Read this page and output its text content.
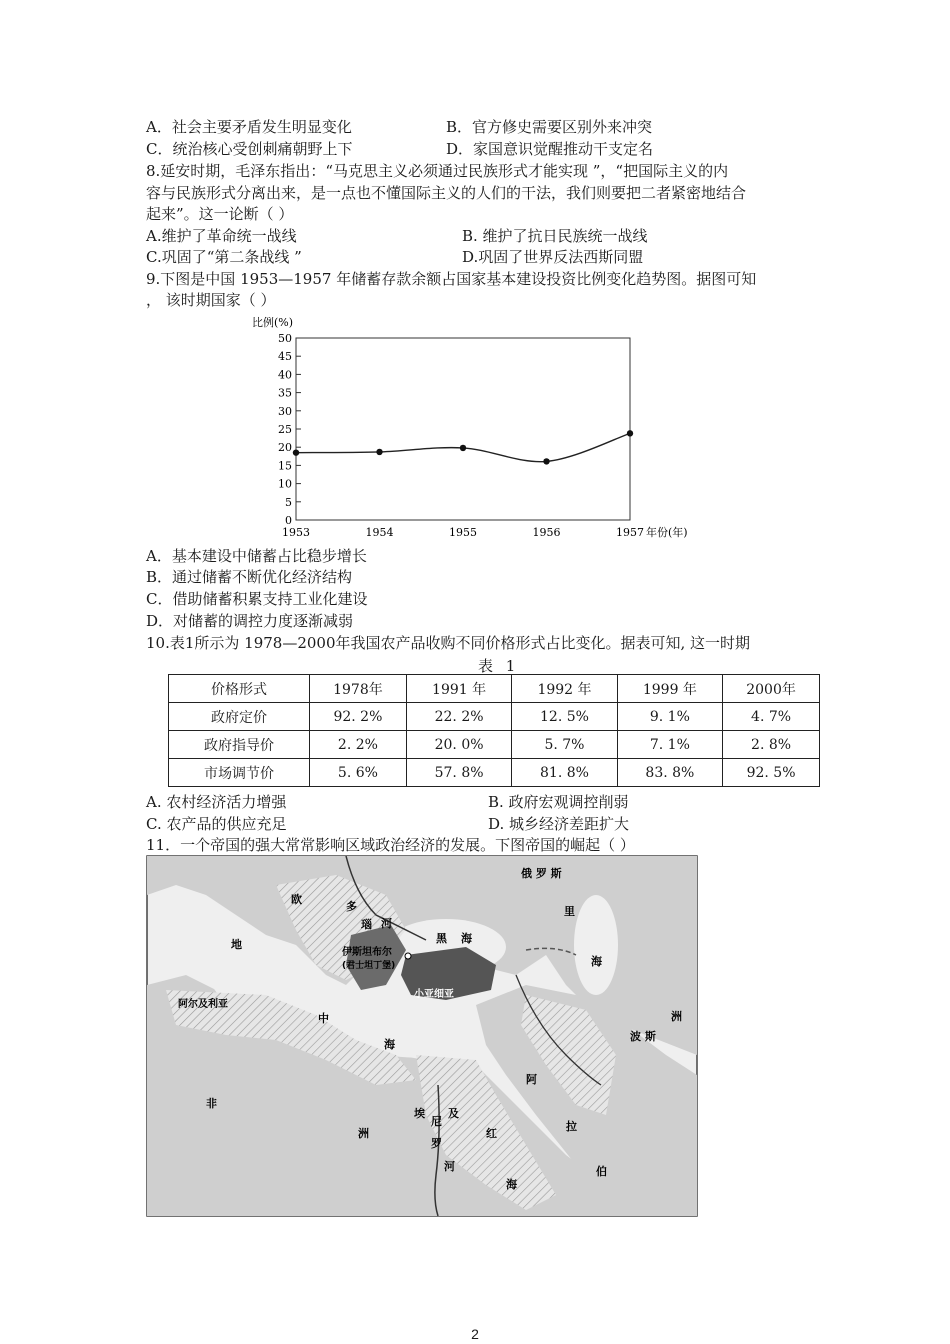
A．社会主要矛盾发生明显变化	B．官方修史需要区别外来冲突
C．统治核心受创刺痛朝野上下	D．家国意识觉醒推动干支定名
8.延安时期，毛泽东指出：“马克思主义必须通过民族形式才能实现 ”，“把国际主义的内
容与民族形式分离出来，是一点也不懂国际主义的人们的干法，我们则要把二者紧密地结合
起来”。这一论断（ ）
A.维护了革命统一战线	B. 维护了抗日民族统一战线
C.巩固了“第二条战线 ”	D.巩固了世界反法西斯同盟
9.下图是中国 1953—1957 年储蓄存款余额占国家基本建设投资比例变化趋势图。据图可知
， 该时期国家（ ）
0
5
10
15
20
25
30
35
40
45
50
1953	1954	1955	1956	1957
比例(%)
年份(年)
A．基本建设中储蓄占比稳步增长
B．通过储蓄不断优化经济结构
C．借助储蓄积累支持工业化建设
D．对储蓄的调控力度逐渐减弱
10.表1所示为 1978—2000年我国农产品收购不同价格形式占比变化。据表可知, 这一时期
表 1
价格形式	1978年	1991 年	1992 年	1999 年	2000年
政府定价	92. 2%	22. 2%	12. 5%	9. 1%	4. 7%
政府指导价	2. 2%	20. 0%	5. 7%	7. 1%	2. 8%
市场调节价	5. 6%	57. 8%	81. 8%	83. 8%	92. 5%
A. 农村经济活力增强	B. 政府宏观调控削弱
C. 农产品的供应充足	D. 城乡经济差距扩大
11．一个帝国的强大常常影响区域政治经济的发展。下图帝国的崛起（ ）
俄 罗 斯
欧
多
瑙 河
黑 海
里
海
地
伊斯坦布尔
(君士坦丁堡)
小亚细亚
阿尔及利亚
中
海
洲
波 斯
非
埃 及
尼
罗
河
红
海
洲
阿
拉
伯
2
